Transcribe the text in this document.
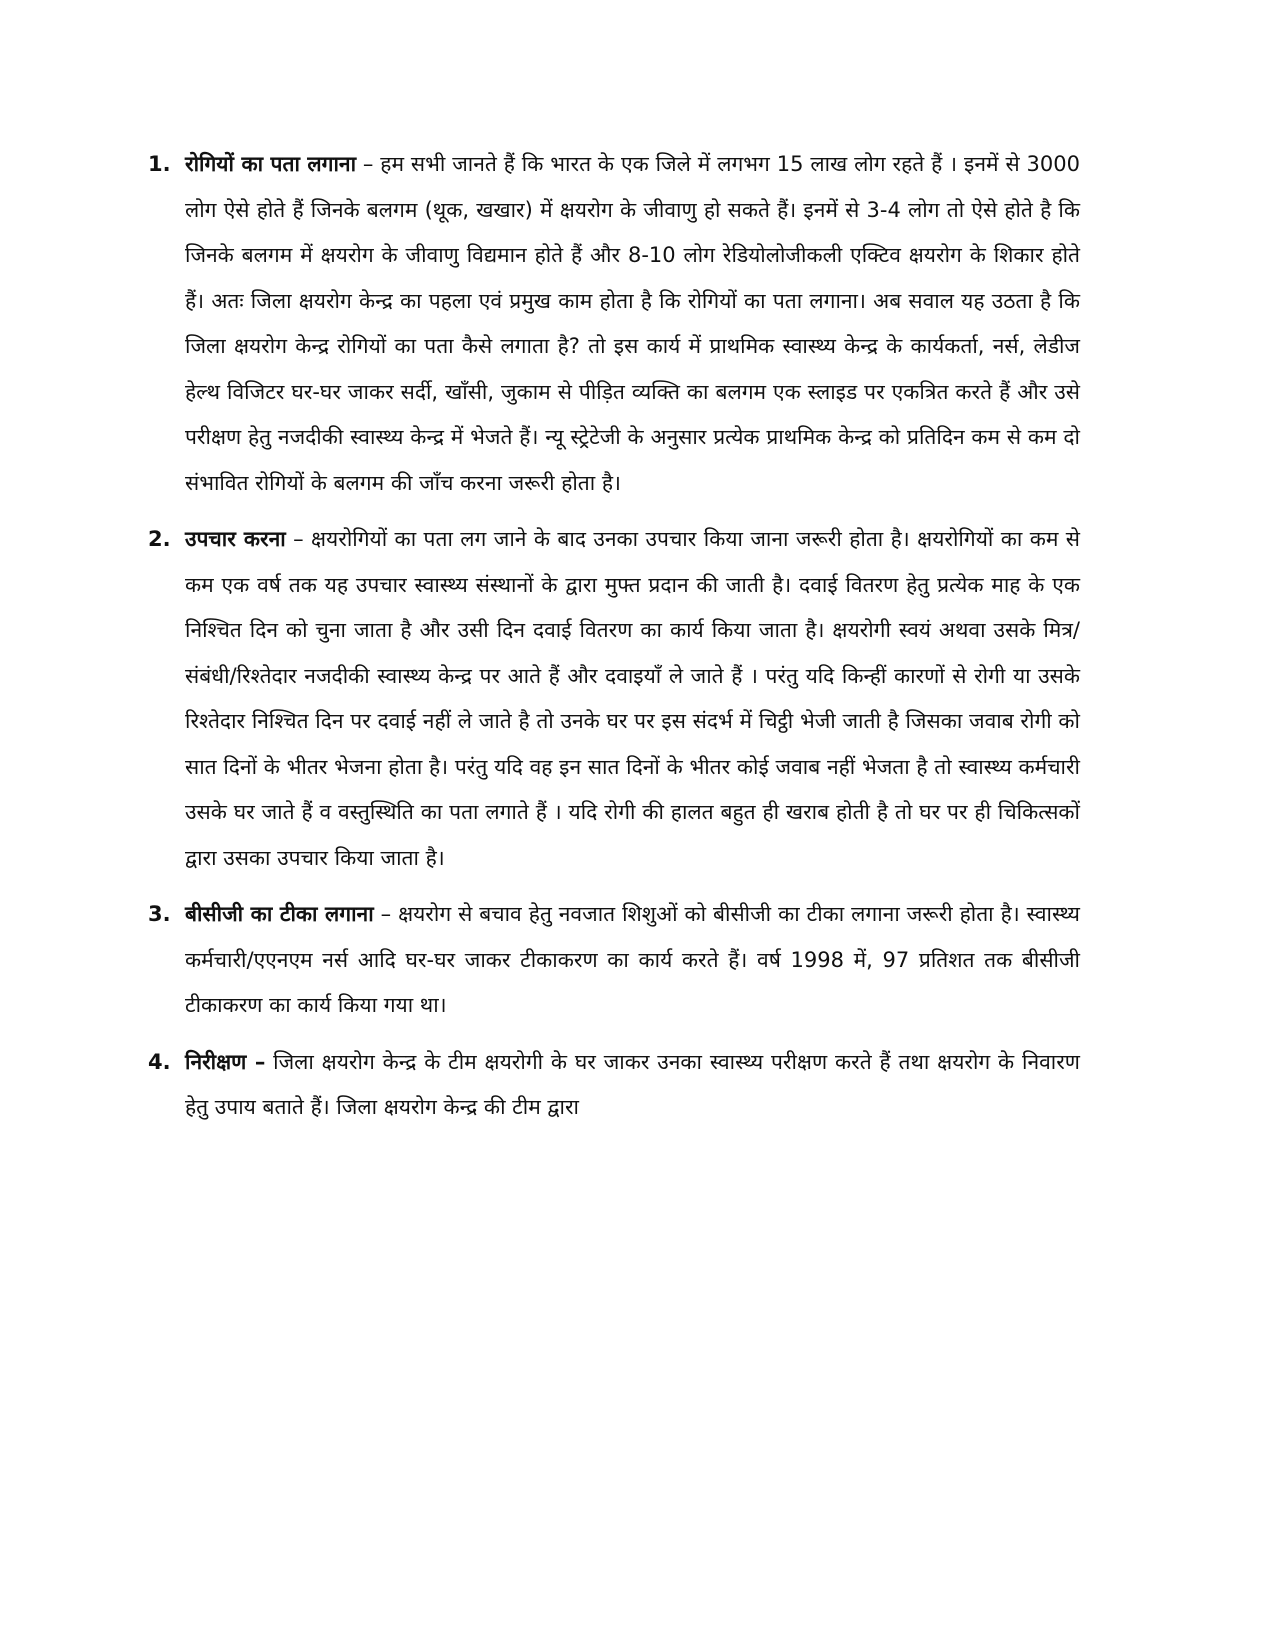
1. रोगियों का पता लगाना – हम सभी जानते हैं कि भारत के एक जिले में लगभग 15 लाख लोग रहते हैं । इनमें से 3000 लोग ऐसे होते हैं जिनके बलगम (थूक, खखार) में क्षयरोग के जीवाणु हो सकते हैं। इनमें से 3-4 लोग तो ऐसे होते है कि जिनके बलगम में क्षयरोग के जीवाणु विद्यमान होते हैं और 8-10 लोग रेडियोलोजीकली एक्टिव क्षयरोग के शिकार होते हैं। अतः जिला क्षयरोग केन्द्र का पहला एवं प्रमुख काम होता है कि रोगियों का पता लगाना। अब सवाल यह उठता है कि जिला क्षयरोग केन्द्र रोगियों का पता कैसे लगाता है? तो इस कार्य में प्राथमिक स्वास्थ्य केन्द्र के कार्यकर्ता, नर्स, लेडीज हेल्थ विजिटर घर-घर जाकर सर्दी, खाँसी, जुकाम से पीड़ित व्यक्ति का बलगम एक स्लाइड पर एकत्रित करते हैं और उसे परीक्षण हेतु नजदीकी स्वास्थ्य केन्द्र में भेजते हैं। न्यू स्ट्रेटेजी के अनुसार प्रत्येक प्राथमिक केन्द्र को प्रतिदिन कम से कम दो संभावित रोगियों के बलगम की जाँच करना जरूरी होता है।
2. उपचार करना – क्षयरोगियों का पता लग जाने के बाद उनका उपचार किया जाना जरूरी होता है। क्षयरोगियों का कम से कम एक वर्ष तक यह उपचार स्वास्थ्य संस्थानों के द्वारा मुफ्त प्रदान की जाती है। दवाई वितरण हेतु प्रत्येक माह के एक निश्चित दिन को चुना जाता है और उसी दिन दवाई वितरण का कार्य किया जाता है। क्षयरोगी स्वयं अथवा उसके मित्र/संबंधी/रिश्तेदार नजदीकी स्वास्थ्य केन्द्र पर आते हैं और दवाइयाँ ले जाते हैं । परंतु यदि किन्हीं कारणों से रोगी या उसके रिश्तेदार निश्चित दिन पर दवाई नहीं ले जाते है तो उनके घर पर इस संदर्भ में चिट्ठी भेजी जाती है जिसका जवाब रोगी को सात दिनों के भीतर भेजना होता है। परंतु यदि वह इन सात दिनों के भीतर कोई जवाब नहीं भेजता है तो स्वास्थ्य कर्मचारी उसके घर जाते हैं व वस्तुस्थिति का पता लगाते हैं । यदि रोगी की हालत बहुत ही खराब होती है तो घर पर ही चिकित्सकों द्वारा उसका उपचार किया जाता है।
3. बीसीजी का टीका लगाना – क्षयरोग से बचाव हेतु नवजात शिशुओं को बीसीजी का टीका लगाना जरूरी होता है। स्वास्थ्य कर्मचारी/एएनएम नर्स आदि घर-घर जाकर टीकाकरण का कार्य करते हैं। वर्ष 1998 में, 97 प्रतिशत तक बीसीजी टीकाकरण का कार्य किया गया था।
4. निरीक्षण – जिला क्षयरोग केन्द्र के टीम क्षयरोगी के घर जाकर उनका स्वास्थ्य परीक्षण करते हैं तथा क्षयरोग के निवारण हेतु उपाय बताते हैं। जिला क्षयरोग केन्द्र की टीम द्वारा
